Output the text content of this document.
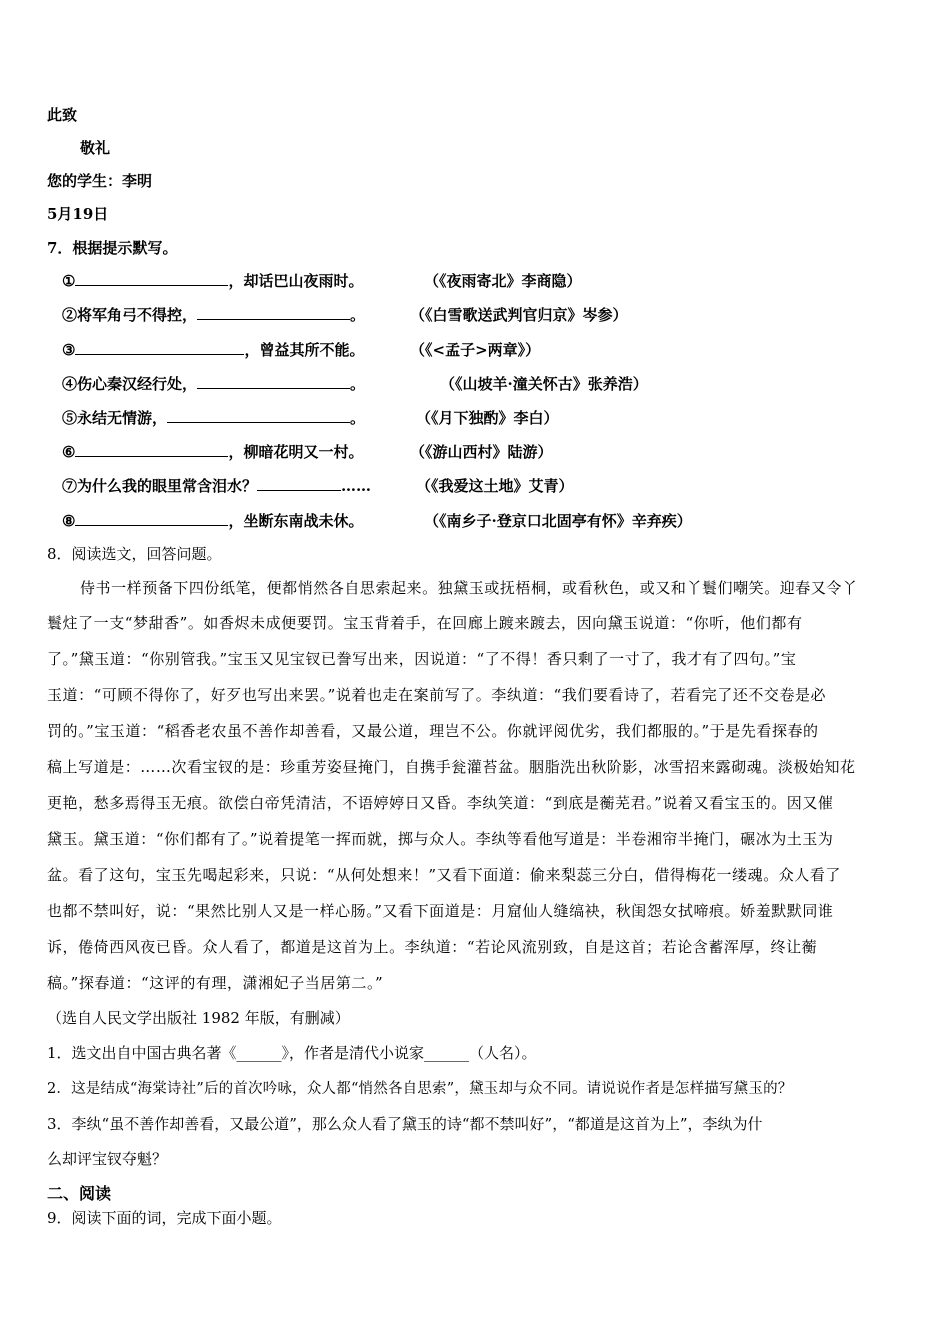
此致
敬礼
您的学生：李明
5月19日
7．根据提示默写。
①	，却话巴山夜雨时。	（《夜雨寄北》李商隐）
②将军角弓不得控，	。	（《白雪歌送武判官归京》岑参）
③	，曾益其所不能。	（《<孟子>两章》）
④伤心秦汉经行处，	。	（《山坡羊·潼关怀古》张养浩）
⑤永结无情游，	。	（《月下独酌》李白）
⑥	，柳暗花明又一村。	（《游山西村》陆游）
⑦为什么我的眼里常含泪水？	……	（《我爱这土地》艾青）
⑧	，坐断东南战未休。	（《南乡子·登京口北固亭有怀》辛弃疾）
8．阅读选文，回答问题。
侍书一样预备下四份纸笔，便都悄然各自思索起来。独黛玉或抚梧桐，或看秋色，或又和丫鬟们嘲笑。迎春又令丫
鬟炷了一支“梦甜香”。如香烬未成便要罚。宝玉背着手，在回廊上踱来踱去，因向黛玉说道：“你听，他们都有
了。”黛玉道：“你别管我。”宝玉又见宝钗已誊写出来，因说道：“了不得！香只剩了一寸了，我才有了四句。”宝
玉道：“可顾不得你了，好歹也写出来罢。”说着也走在案前写了。李纨道：“我们要看诗了，若看完了还不交卷是必
罚的。”宝玉道：“稻香老农虽不善作却善看，又最公道，理岂不公。你就评阅优劣，我们都服的。”于是先看探春的
稿上写道是：……次看宝钗的是：珍重芳姿昼掩门，自携手瓮灌苔盆。胭脂洗出秋阶影，冰雪招来露砌魂。淡极始知花
更艳，愁多焉得玉无痕。欲偿白帝凭清洁，不语婷婷日又昏。李纨笑道：“到底是蘅芜君。”说着又看宝玉的。因又催
黛玉。黛玉道：“你们都有了。”说着提笔一挥而就，掷与众人。李纨等看他写道是：半卷湘帘半掩门，碾冰为土玉为
盆。看了这句，宝玉先喝起彩来，只说：“从何处想来！”又看下面道：偷来梨蕊三分白，借得梅花一缕魂。众人看了
也都不禁叫好，说：“果然比别人又是一样心肠。”又看下面道是：月窟仙人缝缟袂，秋闺怨女拭啼痕。娇羞默默同谁
诉，倦倚西风夜已昏。众人看了，都道是这首为上。李纨道：“若论风流别致，自是这首；若论含蓄浑厚，终让蘅
稿。”探春道：“这评的有理，潇湘妃子当居第二。”
（选自人民文学出版社 1982 年版，有删减）
1．选文出自中国古典名著《______》，作者是清代小说家______（人名）。
2．这是结成“海棠诗社”后的首次吟咏，众人都“悄然各自思索”，黛玉却与众不同。请说说作者是怎样描写黛玉的？
3．李纨“虽不善作却善看，又最公道”，那么众人看了黛玉的诗“都不禁叫好”，“都道是这首为上”，李纨为什
么却评宝钗夺魁？
二、阅读
9．阅读下面的词，完成下面小题。
